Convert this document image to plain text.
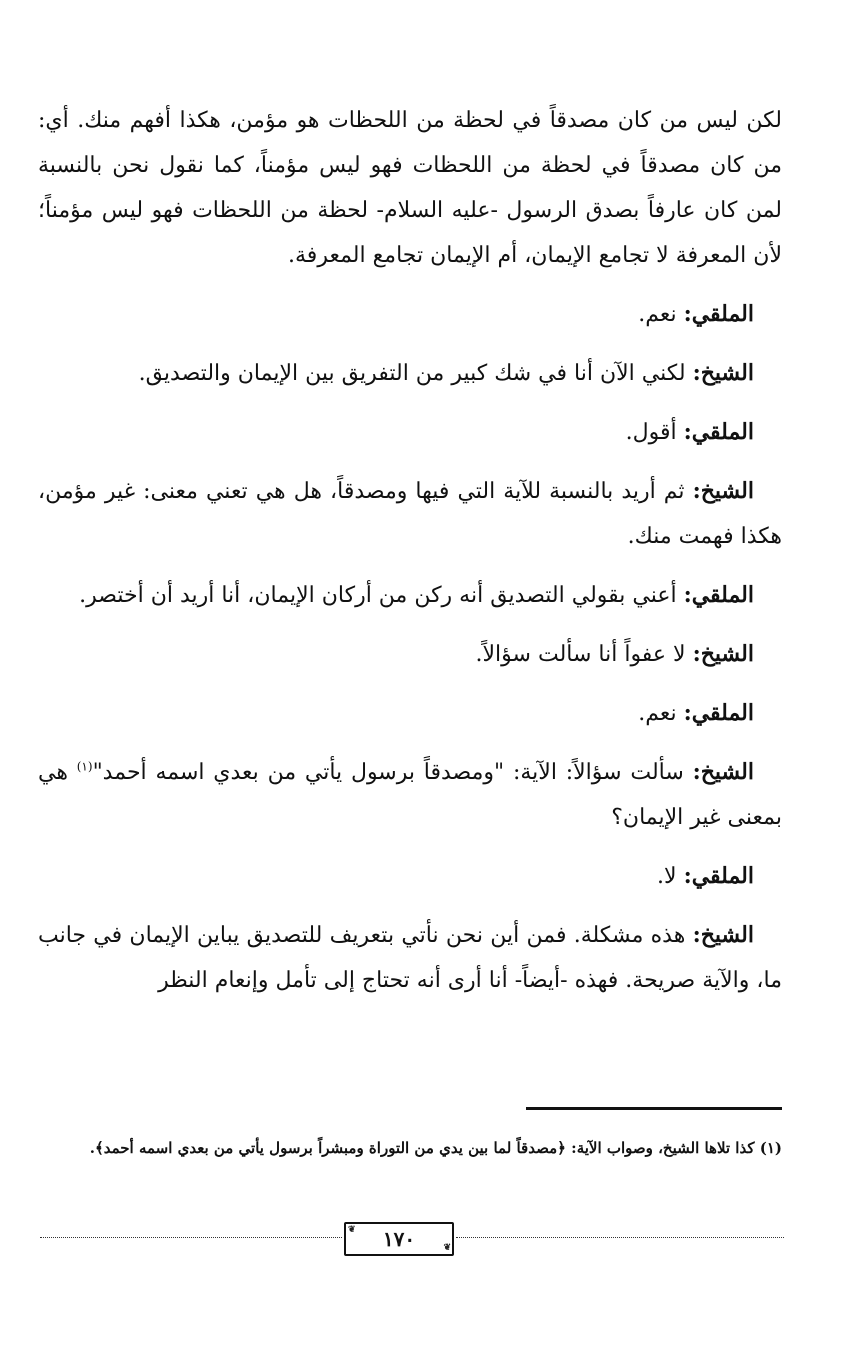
لكن ليس من كان مصدقاً في لحظة من اللحظات هو مؤمن، هكذا أفهم منك. أي: من كان مصدقاً في لحظة من اللحظات فهو ليس مؤمناً، كما نقول نحن بالنسبة لمن كان عارفاً بصدق الرسول -عليه السلام- لحظة من اللحظات فهو ليس مؤمناً؛ لأن المعرفة لا تجامع الإيمان، أم الإيمان تجامع المعرفة.

الملقي: نعم.

الشيخ: لكني الآن أنا في شك كبير من التفريق بين الإيمان والتصديق.

الملقي: أقول.

الشيخ: ثم أريد بالنسبة للآية التي فيها ومصدقاً، هل هي تعني معنى: غير مؤمن، هكذا فهمت منك.

الملقي: أعني بقولي التصديق أنه ركن من أركان الإيمان، أنا أريد أن أختصر.

الشيخ: لا عفواً أنا سألت سؤالاً.

الملقي: نعم.

الشيخ: سألت سؤالاً: الآية: "ومصدقاً برسول يأتي من بعدي اسمه أحمد"$^{(١)}$ هي بمعنى غير الإيمان؟

الملقي: لا.

الشيخ: هذه مشكلة. فمن أين نحن نأتي بتعريف للتصديق يباين الإيمان في جانب ما، والآية صريحة. فهذه -أيضاً- أنا أرى أنه تحتاج إلى تأمل وإنعام النظر

(١) كذا تلاها الشيخ، وصواب الآية: ﴿مصدقاً لما بين يدي من التوراة ومبشراً برسول يأتي من بعدي اسمه أحمد﴾.
❦	١٧٠	❦
